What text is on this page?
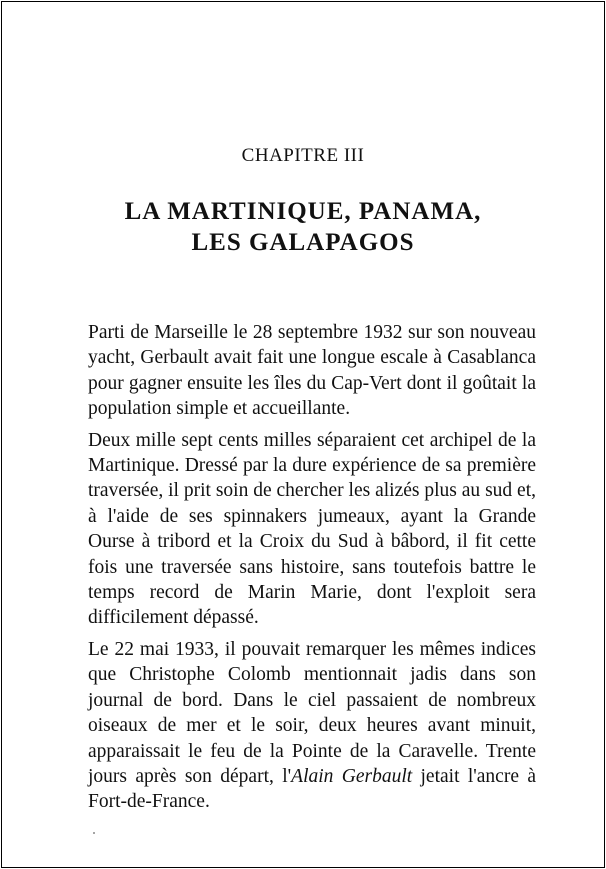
CHAPITRE III
LA MARTINIQUE, PANAMA,
LES GALAPAGOS

Parti de Marseille le 28 septembre 1932 sur son nouveau yacht, Gerbault avait fait une longue escale à Casablanca pour gagner ensuite les îles du Cap-Vert dont il goûtait la population simple et accueillante.

Deux mille sept cents milles séparaient cet archipel de la Martinique. Dressé par la dure expérience de sa première traversée, il prit soin de chercher les alizés plus au sud et, à l'aide de ses spinnakers jumeaux, ayant la Grande Ourse à tribord et la Croix du Sud à bâbord, il fit cette fois une traversée sans histoire, sans toutefois battre le temps record de Marin Marie, dont l'exploit sera difficilement dépassé.

Le 22 mai 1933, il pouvait remarquer les mêmes indices que Christophe Colomb mentionnait jadis dans son journal de bord. Dans le ciel passaient de nombreux oiseaux de mer et le soir, deux heures avant minuit, apparaissait le feu de la Pointe de la Caravelle. Trente jours après son départ, l'Alain Gerbault jetait l'ancre à Fort-de-France.
